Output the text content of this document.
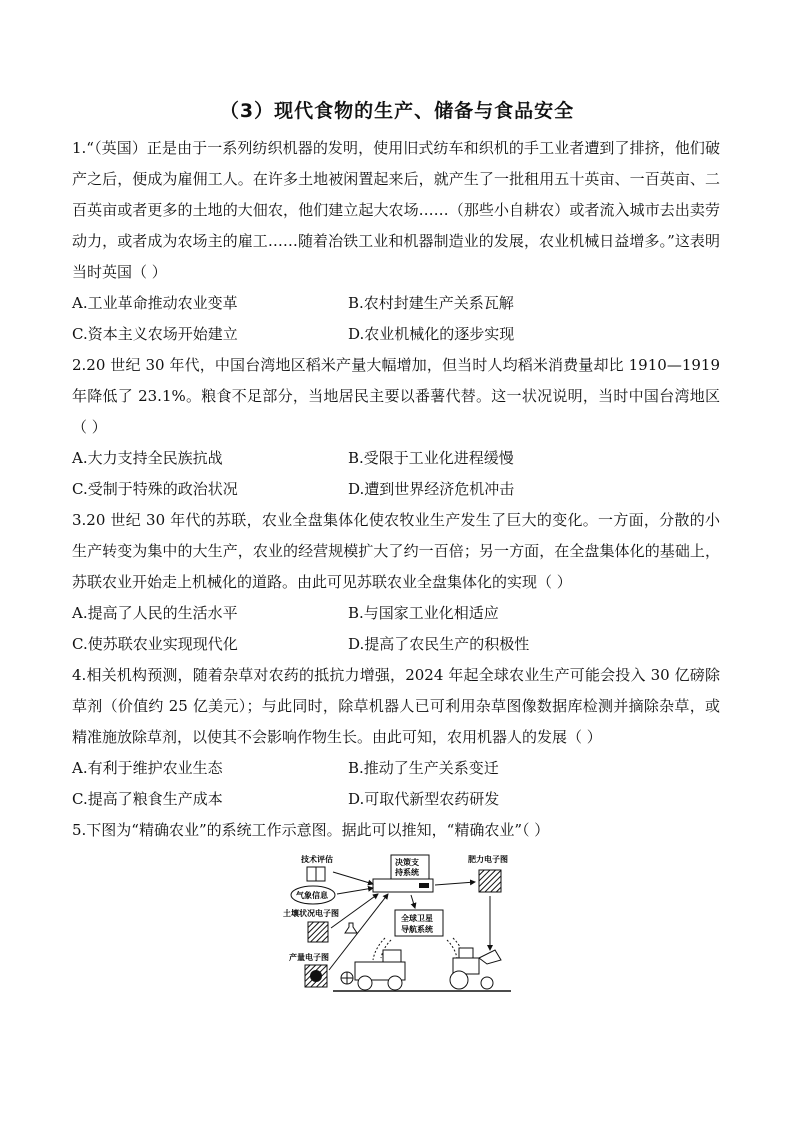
（3）现代食物的生产、储备与食品安全

1.“（英国）正是由于一系列纺织机器的发明，使用旧式纺车和织机的手工业者遭到了排挤，他们破产之后，便成为雇佣工人。在许多土地被闲置起来后，就产生了一批租用五十英亩、一百英亩、二百英亩或者更多的土地的大佃农，他们建立起大农场……（那些小自耕农）或者流入城市去出卖劳动力，或者成为农场主的雇工……随着冶铁工业和机器制造业的发展，农业机械日益增多。”这表明当时英国（ ）

A.工业革命推动农业变革	B.农村封建生产关系瓦解
C.资本主义农场开始建立	D.农业机械化的逐步实现

2.20 世纪 30 年代，中国台湾地区稻米产量大幅增加，但当时人均稻米消费量却比 1910—1919 年降低了 23.1%。粮食不足部分，当地居民主要以番薯代替。这一状况说明，当时中国台湾地区（ ）

A.大力支持全民族抗战	B.受限于工业化进程缓慢
C.受制于特殊的政治状况	D.遭到世界经济危机冲击

3.20 世纪 30 年代的苏联，农业全盘集体化使农牧业生产发生了巨大的变化。一方面，分散的小生产转变为集中的大生产，农业的经营规模扩大了约一百倍；另一方面，在全盘集体化的基础上，苏联农业开始走上机械化的道路。由此可见苏联农业全盘集体化的实现（ ）

A.提高了人民的生活水平	B.与国家工业化相适应
C.使苏联农业实现现代化	D.提高了农民生产的积极性

4.相关机构预测，随着杂草对农药的抵抗力增强，2024 年起全球农业生产可能会投入 30 亿磅除草剂（价值约 25 亿美元）；与此同时，除草机器人已可利用杂草图像数据库检测并摘除杂草，或精准施放除草剂，以使其不会影响作物生长。由此可知，农用机器人的发展（ ）

A.有利于维护农业生态	B.推动了生产关系变迁
C.提高了粮食生产成本	D.可取代新型农药研发

5.下图为“精确农业”的系统工作示意图。据此可以推知，“精确农业”（ ）

技术评估
气象信息
土壤状况电子图
产量电子图
决策支
持系统
肥力电子图
全球卫星
导航系统
